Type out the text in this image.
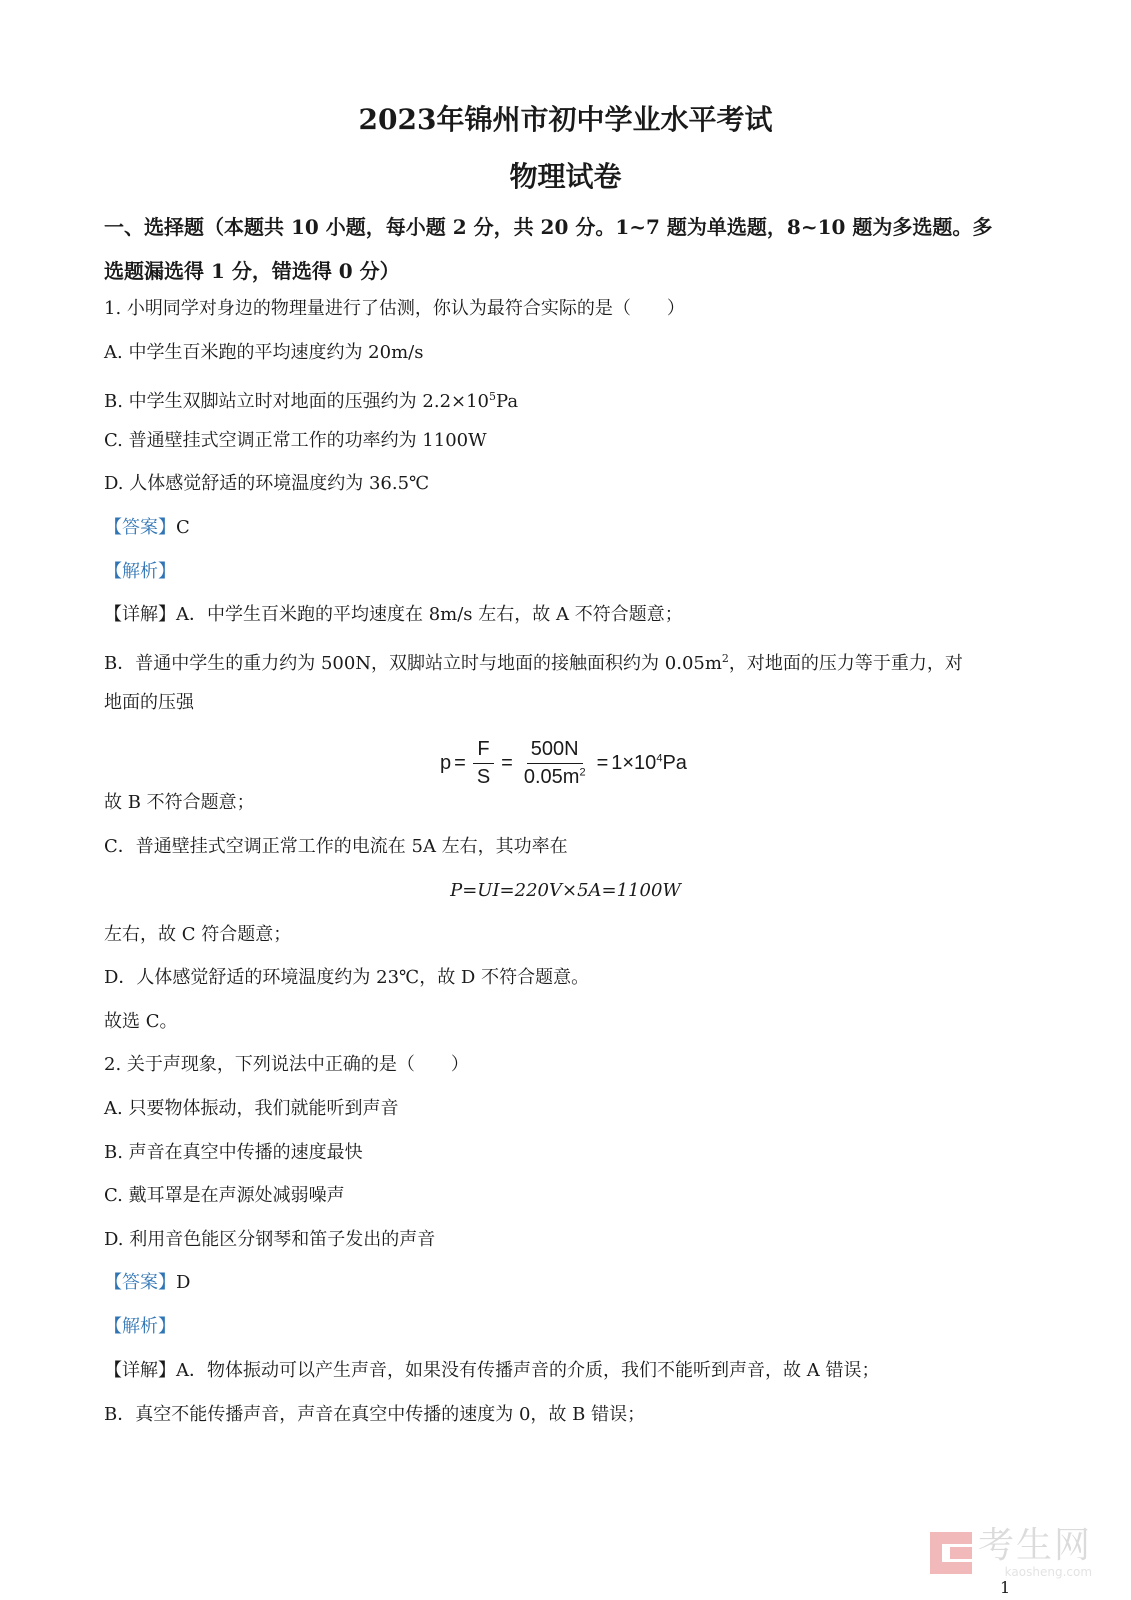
2023年锦州市初中学业水平考试
物理试卷
一、选择题（本题共 10 小题，每小题 2 分，共 20 分。1~7 题为单选题，8~10 题为多选题。多
选题漏选得 1 分，错选得 0 分）
1. 小明同学对身边的物理量进行了估测，你认为最符合实际的是（　　）
A. 中学生百米跑的平均速度约为 20m/s
B. 中学生双脚站立时对地面的压强约为 $2.2\times 10^5Pa$
C. 普通壁挂式空调正常工作的功率约为 1100W
D. 人体感觉舒适的环境温度约为 36.5℃
【答案】C
【解析】
【详解】A．中学生百米跑的平均速度在 8m/s 左右，故 A 不符合题意；
B．普通中学生的重力约为 500N，双脚站立时与地面的接触面积约为 $0.05m^2$，对地面的压力等于重力，对
地面的压强
$p = \frac{F}{S} = \frac{500N}{0.05m^2} = 1\times 10^4Pa$
故 B 不符合题意；
C．普通壁挂式空调正常工作的电流在 5A 左右，其功率在
P=UI=220V×5A=1100W
左右，故 C 符合题意；
D．人体感觉舒适的环境温度约为 23℃，故 D 不符合题意。
故选 C。
2. 关于声现象，下列说法中正确的是（　　）
A. 只要物体振动，我们就能听到声音
B. 声音在真空中传播的速度最快
C. 戴耳罩是在声源处减弱噪声
D. 利用音色能区分钢琴和笛子发出的声音
【答案】D
【解析】
【详解】A．物体振动可以产生声音，如果没有传播声音的介质，我们不能听到声音，故 A 错误；
B．真空不能传播声音，声音在真空中传播的速度为 0，故 B 错误；
考生网
kaosheng.com
1
